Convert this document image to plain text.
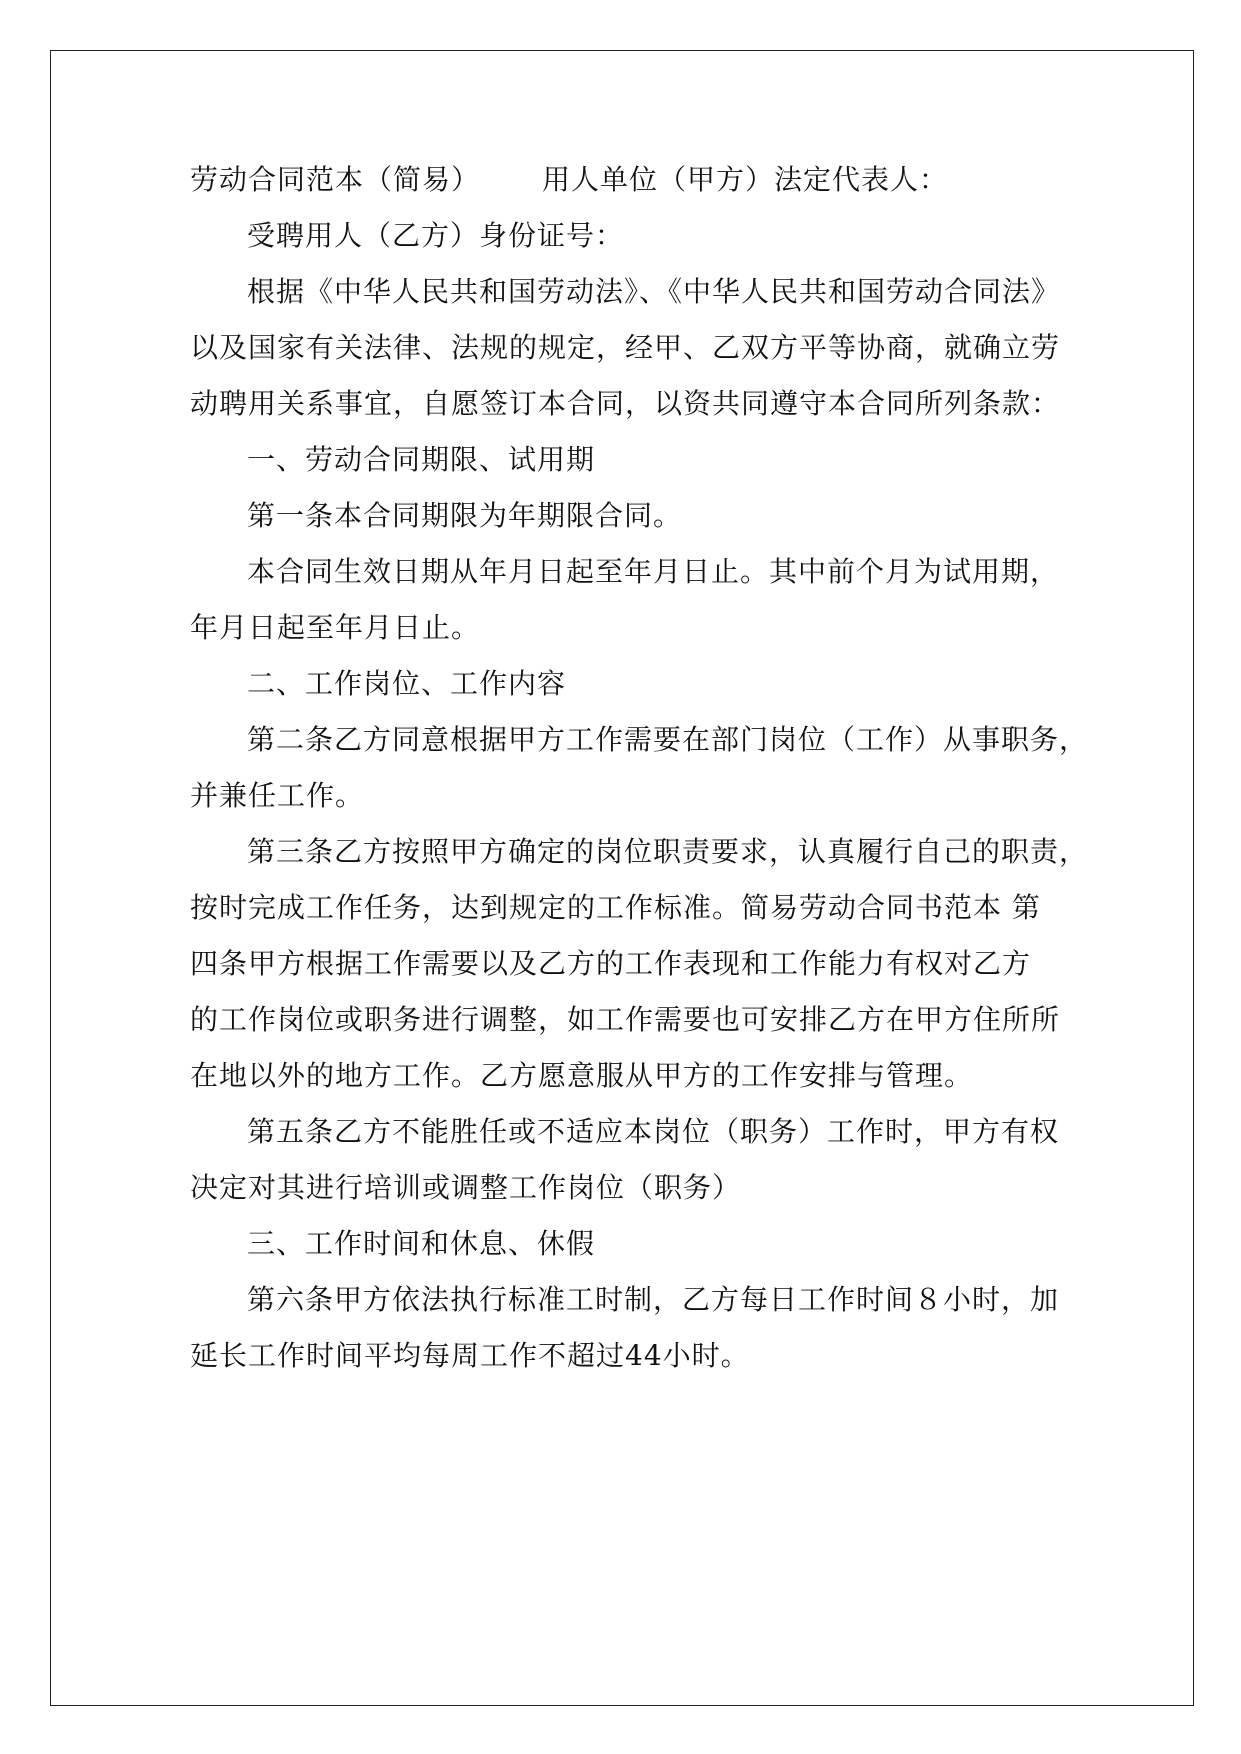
劳动合同范本（简易） 用人单位（甲方）法定代表人：
受聘用人（乙方）身份证号：
根据《中华人民共和国劳动法》、《中华人民共和国劳动合同法》
以及国家有关法律、法规的规定，经甲、乙双方平等协商，就确立劳
动聘用关系事宜，自愿签订本合同，以资共同遵守本合同所列条款：
一、劳动合同期限、试用期
第一条本合同期限为年期限合同。
本合同生效日期从年月日起至年月日止。其中前个月为试用期，
年月日起至年月日止。
二、工作岗位、工作内容
第二条乙方同意根据甲方工作需要在部门岗位（工作）从事职务，
并兼任工作。
第三条乙方按照甲方确定的岗位职责要求，认真履行自己的职责，
按时完成工作任务，达到规定的工作标准。简易劳动合同书范本 第
四条甲方根据工作需要以及乙方的工作表现和工作能力有权对乙方
的工作岗位或职务进行调整，如工作需要也可安排乙方在甲方住所所
在地以外的地方工作。乙方愿意服从甲方的工作安排与管理。
第五条乙方不能胜任或不适应本岗位（职务）工作时，甲方有权
决定对其进行培训或调整工作岗位（职务）
三、工作时间和休息、休假
第六条甲方依法执行标准工时制，乙方每日工作时间８小时，加
延长工作时间平均每周工作不超过44小时。
